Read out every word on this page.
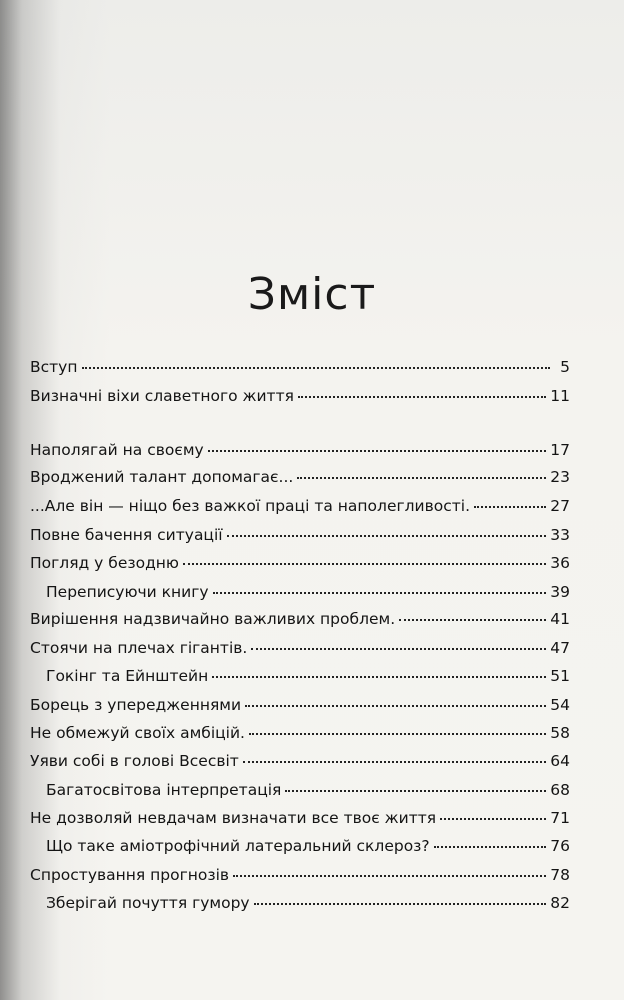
Зміст
Вступ	5
Визначні віхи славетного життя	11
Наполягай на своєму	17
Вроджений талант допомагає...	23
...Але він — ніщо без важкої праці та наполегливості.	27
Повне бачення ситуації	33
Погляд у безодню	36
Переписуючи книгу	39
Вирішення надзвичайно важливих проблем.	41
Стоячи на плечах гігантів.	47
Гокінг та Ейнштейн	51
Борець з упередженнями	54
Не обмежуй своїх амбіцій.	58
Уяви собі в голові Всесвіт	64
Багатосвітова інтерпретація	68
Не дозволяй невдачам визначати все твоє життя	71
Що таке аміотрофічний латеральний склероз?	76
Спростування прогнозів	78
Зберігай почуття гумору	82
